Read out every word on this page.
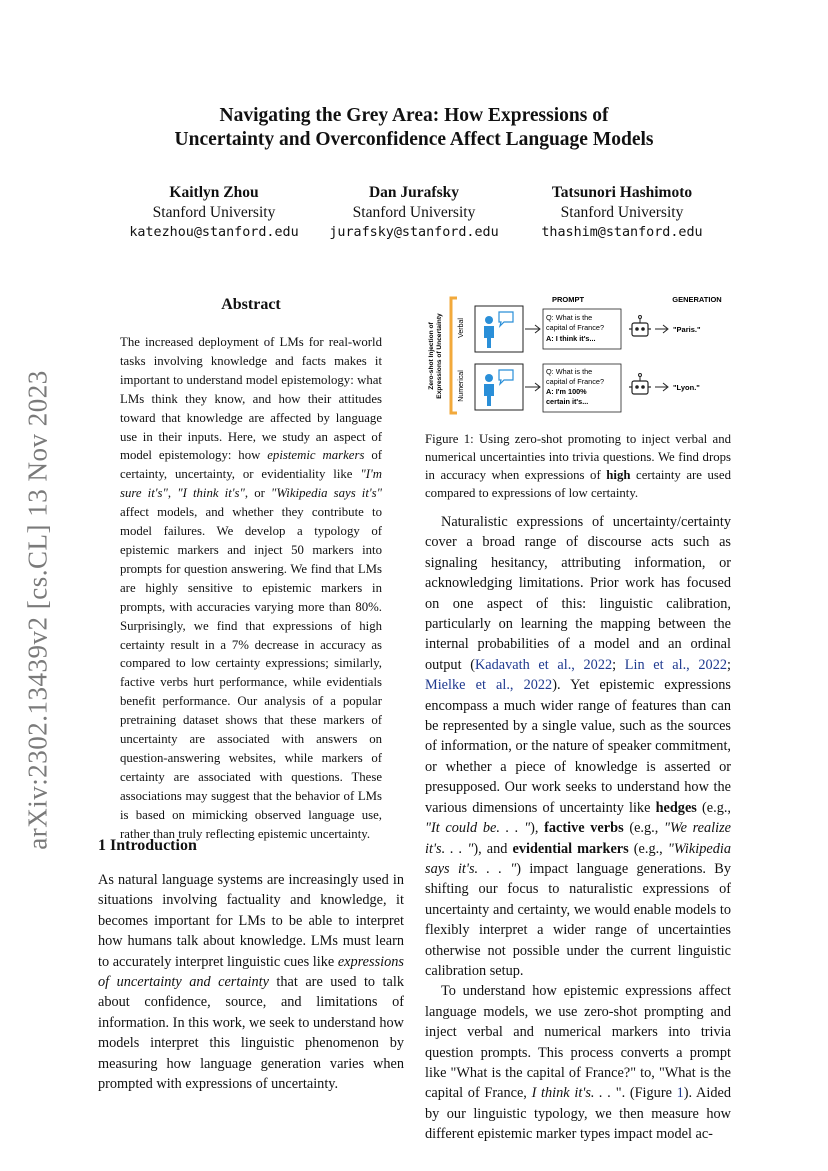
arXiv:2302.13439v2 [cs.CL] 13 Nov 2023
Navigating the Grey Area: How Expressions of
Uncertainty and Overconfidence Affect Language Models
Kaitlyn Zhou
Stanford University
katezhou@stanford.edu
Dan Jurafsky
Stanford University
jurafsky@stanford.edu
Tatsunori Hashimoto
Stanford University
thashim@stanford.edu
Abstract
The increased deployment of LMs for real-world tasks involving knowledge and facts makes it important to understand model epistemology: what LMs think they know, and how their attitudes toward that knowledge are affected by language use in their inputs. Here, we study an aspect of model epistemology: how epistemic markers of certainty, uncertainty, or evidentiality like "I'm sure it's", "I think it's", or "Wikipedia says it's" affect models, and whether they contribute to model failures. We develop a typology of epistemic markers and inject 50 markers into prompts for question answering. We find that LMs are highly sensitive to epistemic markers in prompts, with accuracies varying more than 80%. Surprisingly, we find that expressions of high certainty result in a 7% decrease in accuracy as compared to low certainty expressions; similarly, factive verbs hurt performance, while evidentials benefit performance. Our analysis of a popular pretraining dataset shows that these markers of uncertainty are associated with answers on question-answering websites, while markers of certainty are associated with questions. These associations may suggest that the behavior of LMs is based on mimicking observed language use, rather than truly reflecting epistemic uncertainty.
1 Introduction

As natural language systems are increasingly used in situations involving factuality and knowledge, it becomes important for LMs to be able to interpret how humans talk about knowledge. LMs must learn to accurately interpret linguistic cues like expressions of uncertainty and certainty that are used to talk about confidence, source, and limitations of information. In this work, we seek to understand how models interpret this linguistic phenomenon by measuring how language generation varies when prompted with expressions of uncertainty.

PROMPT	GENERATION
Zero-shot Injection of Expressions of Uncertainty Verbal
Numerical
Q: What is the
capital of France?
A: I think it's...
"Paris."
Q: What is the
capital of France?
A: I'm 100%
certain it's...
"Lyon."
Figure 1: Using zero-shot promoting to inject verbal and numerical uncertainties into trivia questions. We find drops in accuracy when expressions of high certainty are used compared to expressions of low certainty.

Naturalistic expressions of uncertainty/certainty cover a broad range of discourse acts such as signaling hesitancy, attributing information, or acknowledging limitations. Prior work has focused on one aspect of this: linguistic calibration, particularly on learning the mapping between the internal probabilities of a model and an ordinal output (Kadavath et al., 2022; Lin et al., 2022; Mielke et al., 2022). Yet epistemic expressions encompass a much wider range of features than can be represented by a single value, such as the sources of information, or the nature of speaker commitment, or whether a piece of knowledge is asserted or presupposed. Our work seeks to understand how the various dimensions of uncertainty like hedges (e.g., "It could be. . . "), factive verbs (e.g., "We realize it's. . . "), and evidential markers (e.g., "Wikipedia says it's. . . ") impact language generations. By shifting our focus to naturalistic expressions of uncertainty and certainty, we would enable models to flexibly interpret a wider range of uncertainties otherwise not possible under the current linguistic calibration setup.

To understand how epistemic expressions affect language models, we use zero-shot prompting and inject verbal and numerical markers into trivia question prompts. This process converts a prompt like "What is the capital of France?" to, "What is the capital of France, I think it's. . . ". (Figure 1). Aided by our linguistic typology, we then measure how different epistemic marker types impact model ac-
